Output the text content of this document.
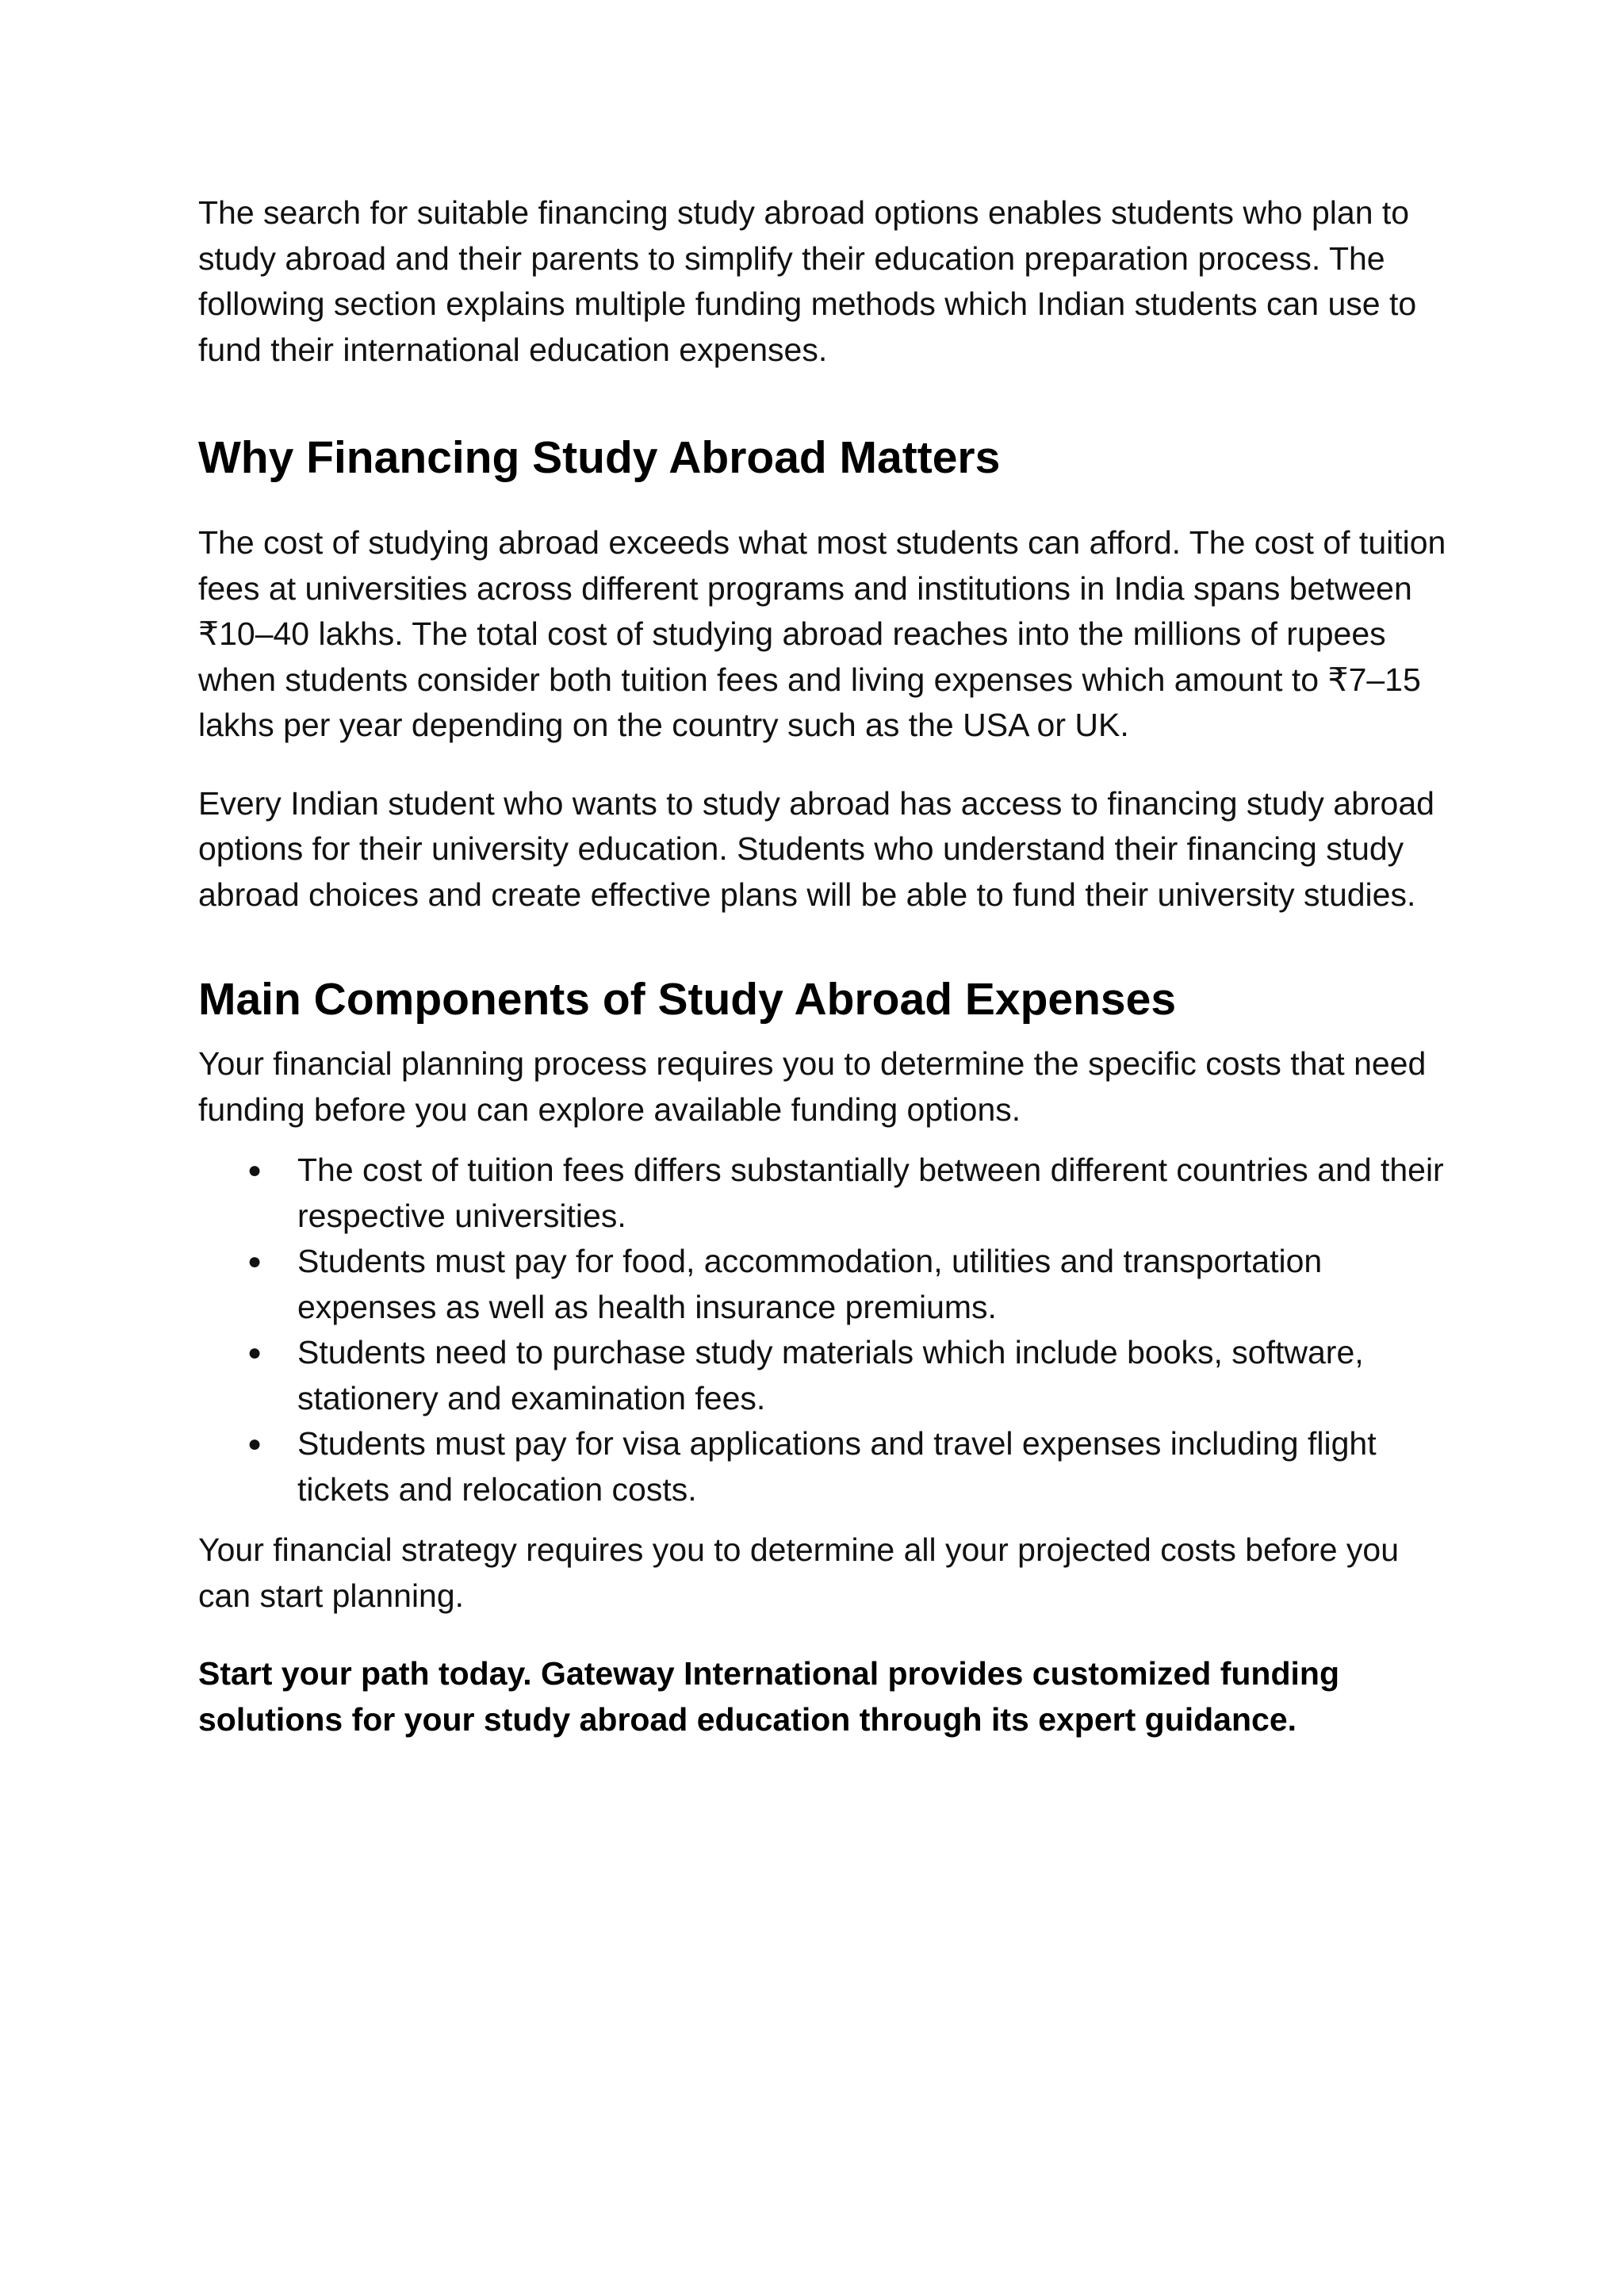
The search for suitable financing study abroad options enables students who plan to study abroad and their parents to simplify their education preparation process. The following section explains multiple funding methods which Indian students can use to fund their international education expenses.

Why Financing Study Abroad Matters

The cost of studying abroad exceeds what most students can afford. The cost of tuition fees at universities across different programs and institutions in India spans between ₹10–40 lakhs. The total cost of studying abroad reaches into the millions of rupees when students consider both tuition fees and living expenses which amount to ₹7–15 lakhs per year depending on the country such as the USA or UK.

Every Indian student who wants to study abroad has access to financing study abroad options for their university education. Students who understand their financing study abroad choices and create effective plans will be able to fund their university studies.

Main Components of Study Abroad Expenses

Your financial planning process requires you to determine the specific costs that need funding before you can explore available funding options.

● The cost of tuition fees differs substantially between different countries and their respective universities.
● Students must pay for food, accommodation, utilities and transportation expenses as well as health insurance premiums.
● Students need to purchase study materials which include books, software, stationery and examination fees.
● Students must pay for visa applications and travel expenses including flight tickets and relocation costs.

Your financial strategy requires you to determine all your projected costs before you can start planning.

Start your path today. Gateway International provides customized funding solutions for your study abroad education through its expert guidance.
